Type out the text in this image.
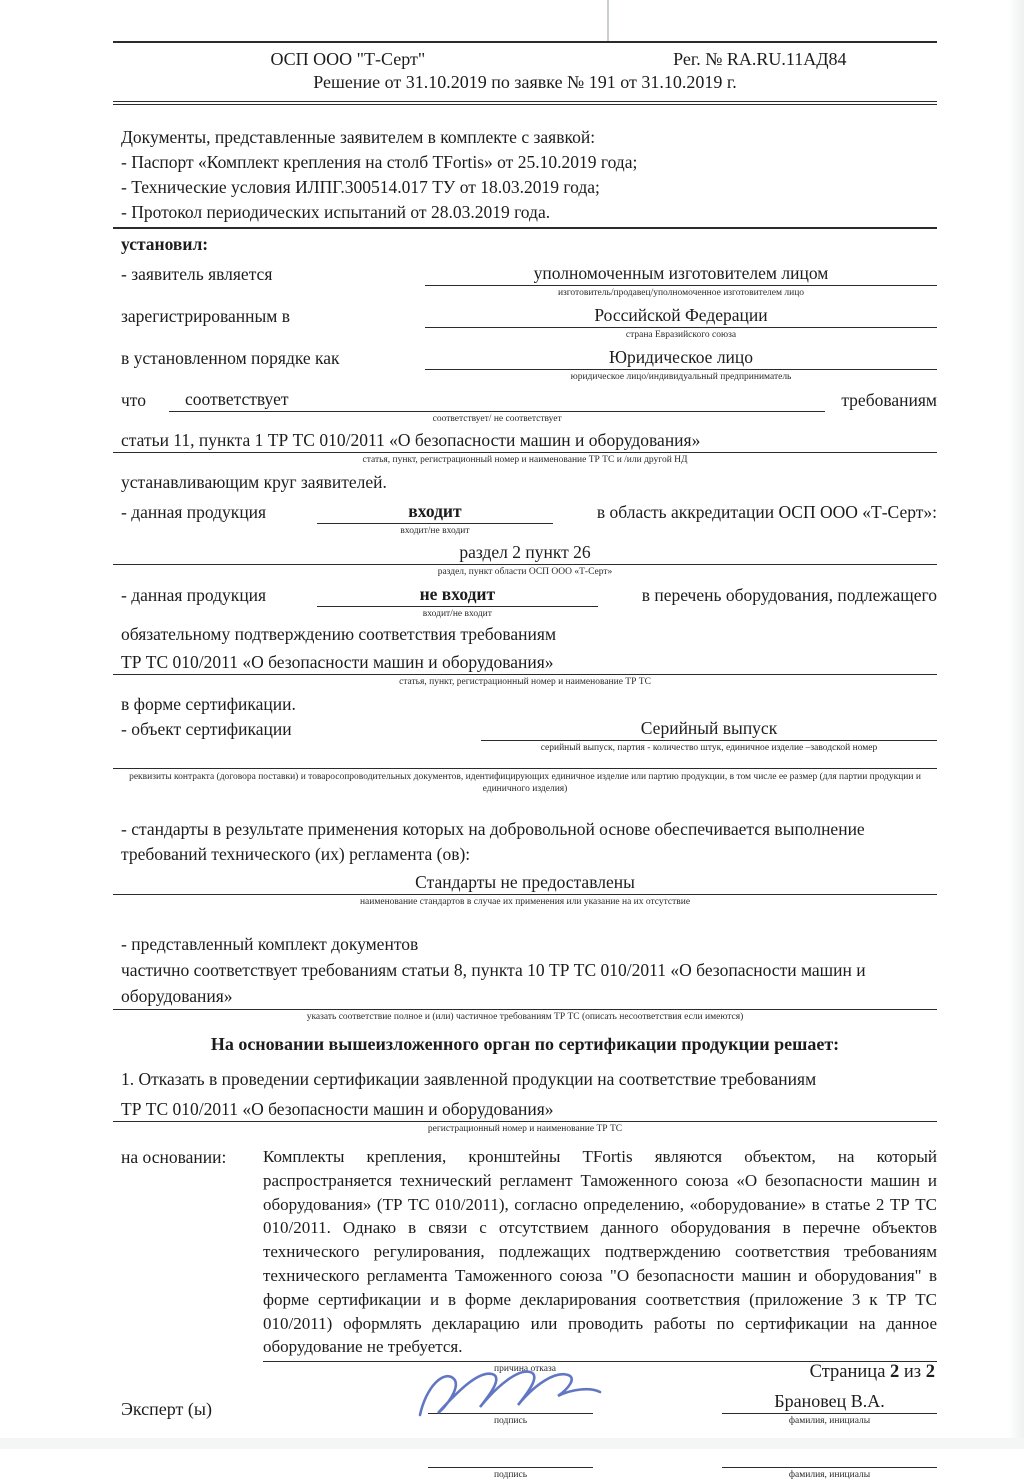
ОСП ООО "Т-Серт"	Рег. № RA.RU.11АД84
Решение от 31.10.2019 по заявке № 191 от 31.10.2019 г.
Документы, представленные заявителем в комплекте с заявкой:
- Паспорт «Комплект крепления на столб TFortis» от 25.10.2019 года;
- Технические условия ИЛПГ.300514.017 ТУ от 18.03.2019 года;
- Протокол периодических испытаний от 28.03.2019 года.
установил:
- заявитель является	уполномоченным изготовителем лицом
изготовитель/продавец/уполномоченное изготовителем лицо
зарегистрированным в	Российской Федерации
страна Евразийского союза
в установленном порядке как	Юридическое лицо
юридическое лицо/индивидуальный предприниматель
что	соответствует
соответствует/ не соответствует
требованиям
статьи 11, пункта 1 ТР ТС 010/2011 «О безопасности машин и оборудования»
статья, пункт, регистрационный номер и наименование ТР ТС и /или другой НД
устанавливающим круг заявителей.
- данная продукция	входит
входит/не входит
в область аккредитации ОСП ООО «Т-Серт»:
раздел 2 пункт 26
раздел, пункт области ОСП ООО «Т-Серт»
- данная продукция	не входит
входит/не входит
в перечень оборудования, подлежащего
обязательному подтверждению соответствия требованиям
ТР ТС 010/2011 «О безопасности машин и оборудования»
статья, пункт, регистрационный номер и наименование ТР ТС
в форме сертификации.
- объект сертификации	Серийный выпуск
серийный выпуск, партия - количество штук, единичное изделие –заводской номер
реквизиты контракта (договора поставки) и товаросопроводительных документов, идентифицирующих единичное изделие или партию продукции, в том числе ее размер (для партии продукции и единичного изделия)
- стандарты в результате применения которых на добровольной основе обеспечивается выполнение требований технического (их) регламента (ов):
Стандарты не предоставлены
наименование стандартов в случае их применения или указание на их отсутствие
- представленный комплект документов
частично соответствует требованиям статьи 8, пункта 10 ТР ТС 010/2011 «О безопасности машин и оборудования»
указать соответствие полное и (или) частичное требованиям ТР ТС (описать несоответствия если имеются)
На основании вышеизложенного орган по сертификации продукции решает:
1. Отказать в проведении сертификации заявленной продукции на соответствие требованиям
ТР ТС 010/2011 «О безопасности машин и оборудования»
регистрационный номер и наименование ТР ТС
на основании:	Комплекты крепления, кронштейны TFortis являются объектом, на который распространяется технический регламент Таможенного союза «О безопасности машин и оборудования» (ТР ТС 010/2011), согласно определению, «оборудование» в статье 2 ТР ТС 010/2011. Однако в связи с отсутствием данного оборудования в перечне объектов технического регулирования, подлежащих подтверждению соответствия требованиям технического регламента Таможенного союза "О безопасности машин и оборудования" в форме сертификации и в форме декларирования соответствия (приложение 3 к ТР ТС 010/2011) оформлять декларацию или проводить работы по сертификации на данное оборудование не требуется.
причина отказа
Эксперт (ы)
подпись
Брановец В.А.
фамилия, инициалы
подпись	фамилия, инициалы
Страница 2 из 2
